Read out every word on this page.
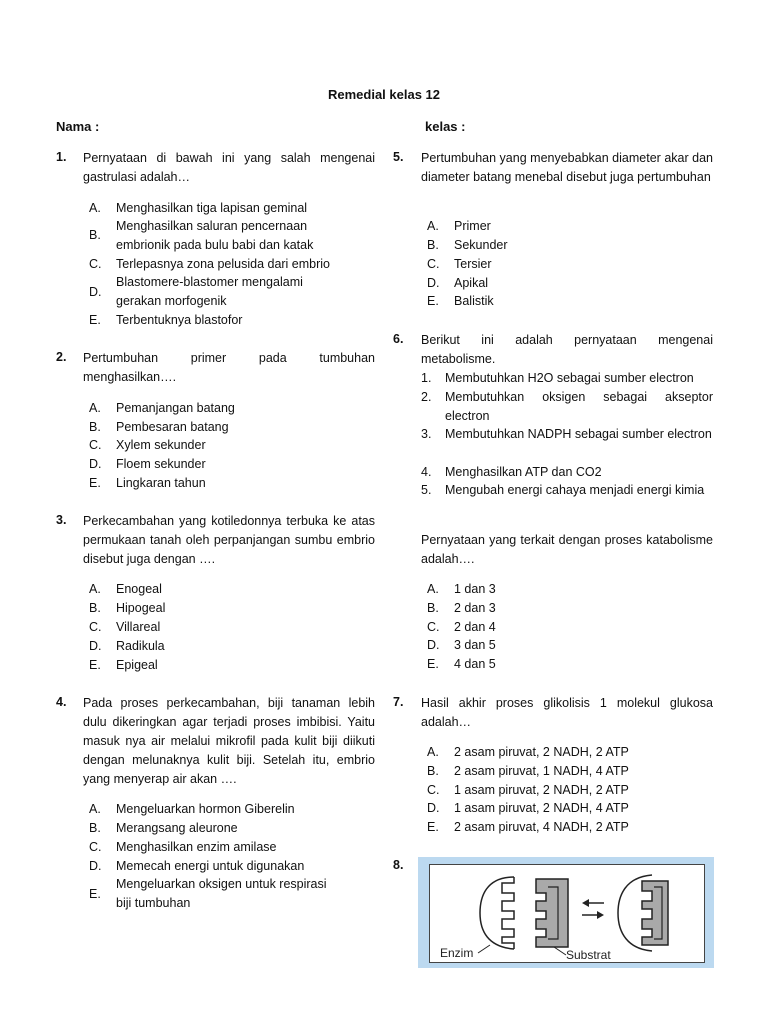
Remedial kelas 12
Nama :	kelas :
1. Pernyataan di bawah ini yang salah mengenai gastrulasi adalah…
A. Menghasilkan tiga lapisan geminal
B.
Menghasilkan saluran pencernaan
embrionik pada bulu babi dan katak
C. Terlepasnya zona pelusida dari embrio
D.
Blastomere-blastomer mengalami
gerakan morfogenik
E. Terbentuknya blastofor
2. Pertumbuhan primer pada tumbuhan menghasilkan….
A. Pemanjangan batang
B. Pembesaran batang
C. Xylem sekunder
D. Floem sekunder
E. Lingkaran tahun
3. Perkecambahan yang kotiledonnya terbuka ke atas permukaan tanah oleh perpanjangan sumbu embrio disebut juga dengan ….
A. Enogeal
B. Hipogeal
C. Villareal
D. Radikula
E. Epigeal
4. Pada proses perkecambahan, biji tanaman lebih dulu dikeringkan agar terjadi proses imbibisi. Yaitu masuk nya air melalui mikrofil pada kulit biji diikuti dengan melunaknya kulit biji. Setelah itu, embrio yang menyerap air akan ….
A. Mengeluarkan hormon Giberelin
B. Merangsang aleurone
C. Menghasilkan enzim amilase
D. Memecah energi untuk digunakan
E.
Mengeluarkan oksigen untuk respirasi
biji tumbuhan
5. Pertumbuhan yang menyebabkan diameter akar dan diameter batang menebal disebut juga pertumbuhan
A. Primer
B. Sekunder
C. Tersier
D. Apikal
E. Balistik
6. Berikut ini adalah pernyataan mengenai metabolisme.
1. Membutuhkan H2O sebagai sumber electron
2. Membutuhkan oksigen sebagai akseptor electron
3. Membutuhkan NADPH sebagai sumber electron
4. Menghasilkan ATP dan CO2
5. Mengubah energi cahaya menjadi energi kimia
Pernyataan yang terkait dengan proses katabolisme adalah….
A. 1 dan 3
B. 2 dan 3
C. 2 dan 4
D. 3 dan 5
E. 4 dan 5
7. Hasil akhir proses glikolisis 1 molekul glukosa adalah…
A. 2 asam piruvat, 2 NADH, 2 ATP
B. 2 asam piruvat, 1 NADH, 4 ATP
C. 1 asam piruvat, 2 NADH, 2 ATP
D. 1 asam piruvat, 2 NADH, 4 ATP
E. 2 asam piruvat, 4 NADH, 2 ATP
8.
Enzim	Substrat
